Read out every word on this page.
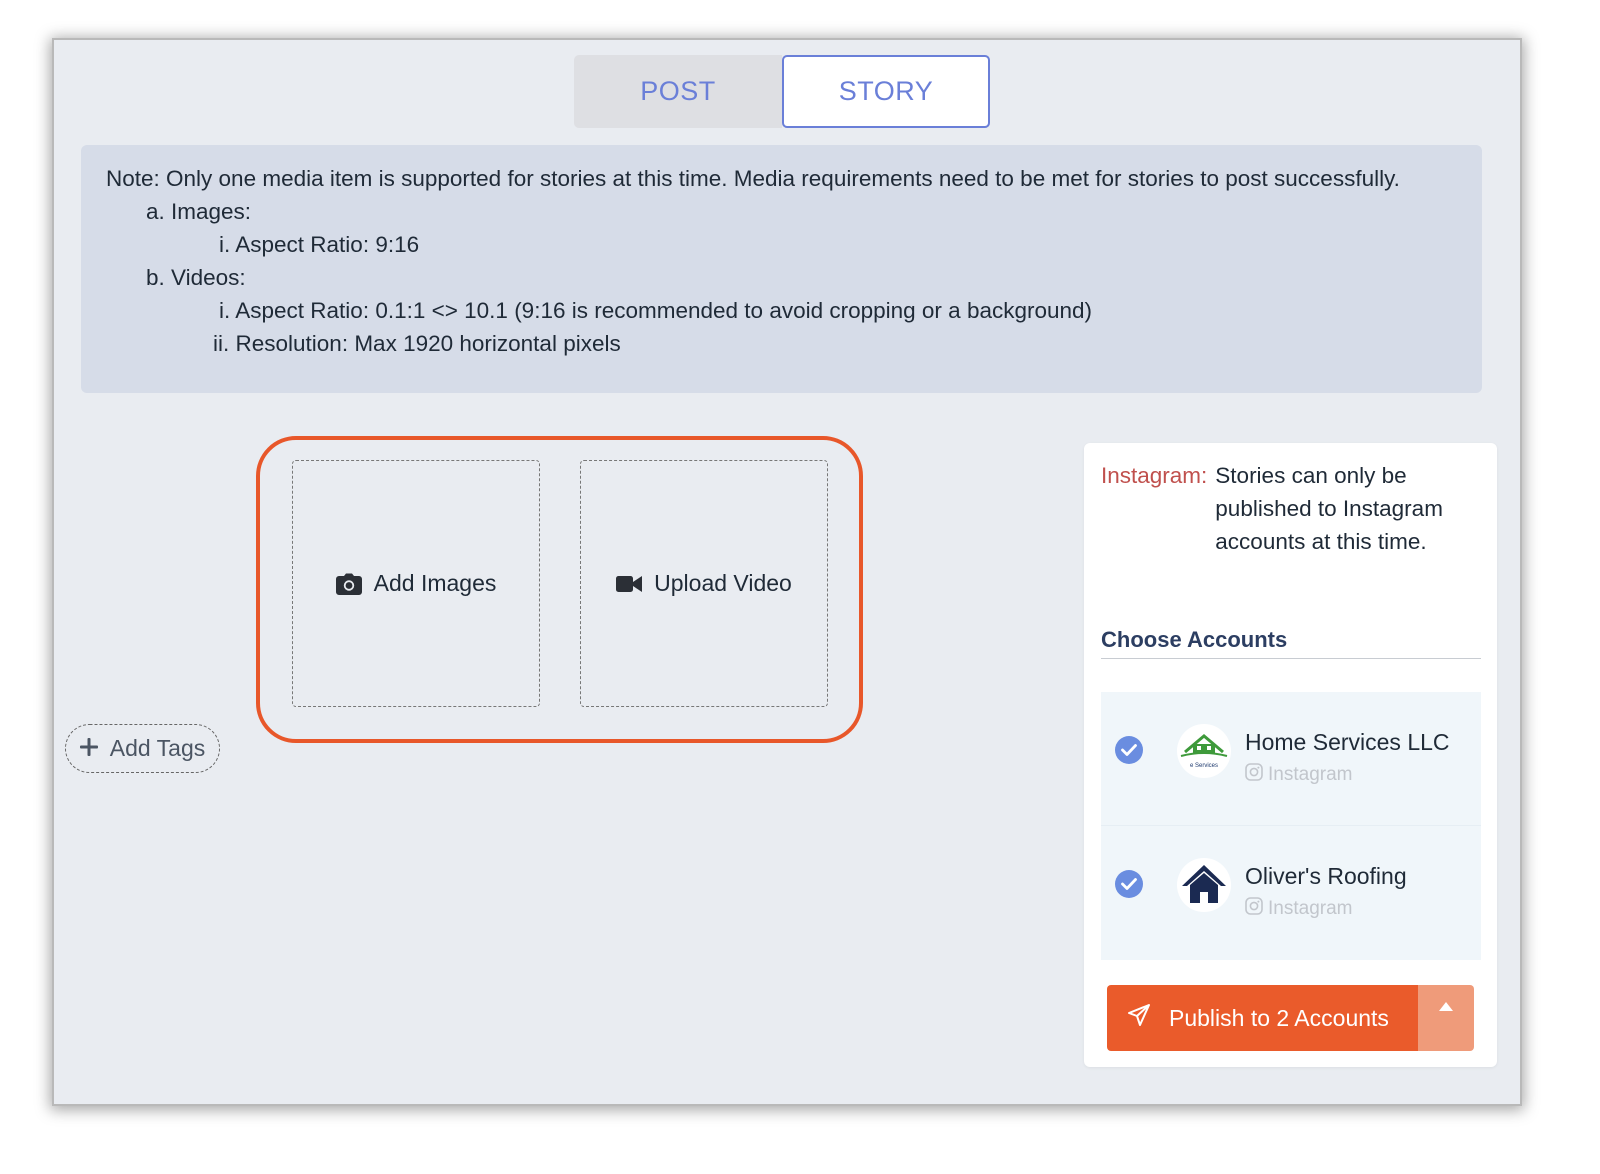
POST	STORY
Note: Only one media item is supported for stories at this time. Media requirements need to be met for stories to post successfully.
a. Images:
i. Aspect Ratio: 9:16
b. Videos:
i. Aspect Ratio: 0.1:1 <> 10.1 (9:16 is recommended to avoid cropping or a background)
ii. Resolution: Max 1920 horizontal pixels
Add Images	Upload Video
Add Tags
Instagram: Stories can only be published to Instagram accounts at this time.
Choose Accounts
e Services
Home Services LLC
Instagram
Oliver's Roofing
Instagram
Publish to 2 Accounts
